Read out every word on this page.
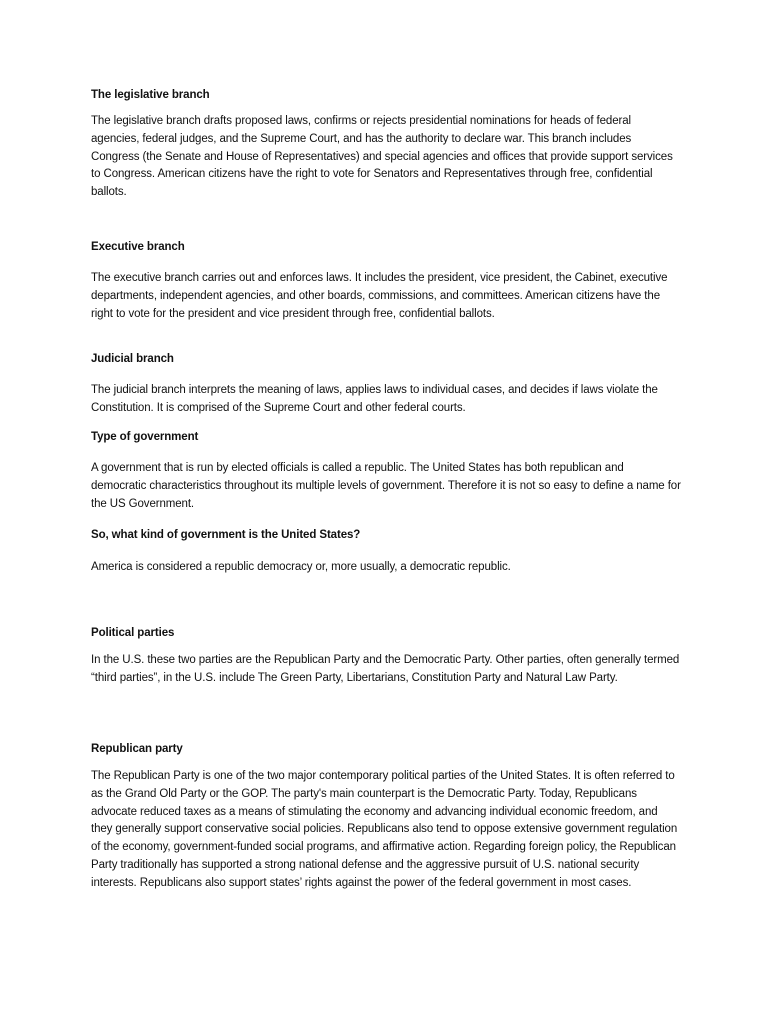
The legislative branch

The legislative branch drafts proposed laws, confirms or rejects presidential nominations for heads of federal agencies, federal judges, and the Supreme Court, and has the authority to declare war. This branch includes Congress (the Senate and House of Representatives) and special agencies and offices that provide support services to Congress. American citizens have the right to vote for Senators and Representatives through free, confidential ballots.

Executive branch

The executive branch carries out and enforces laws. It includes the president, vice president, the Cabinet, executive departments, independent agencies, and other boards, commissions, and committees. American citizens have the right to vote for the president and vice president through free, confidential ballots.

Judicial branch

The judicial branch interprets the meaning of laws, applies laws to individual cases, and decides if laws violate the Constitution. It is comprised of the Supreme Court and other federal courts.

Type of government

A government that is run by elected officials is called a republic. The United States has both republican and democratic characteristics throughout its multiple levels of government. Therefore it is not so easy to define a name for the US Government.

So, what kind of government is the United States?

America is considered a republic democracy or, more usually, a democratic republic.

Political parties

In the U.S. these two parties are the Republican Party and the Democratic Party. Other parties, often generally termed “third parties”, in the U.S. include The Green Party, Libertarians, Constitution Party and Natural Law Party.

Republican party

The Republican Party is one of the two major contemporary political parties of the United States. It is often referred to as the Grand Old Party or the GOP. The party's main counterpart is the Democratic Party. Today, Republicans advocate reduced taxes as a means of stimulating the economy and advancing individual economic freedom, and they generally support conservative social policies. Republicans also tend to oppose extensive government regulation of the economy, government-funded social programs, and affirmative action. Regarding foreign policy, the Republican Party traditionally has supported a strong national defense and the aggressive pursuit of U.S. national security interests. Republicans also support states’ rights against the power of the federal government in most cases.
